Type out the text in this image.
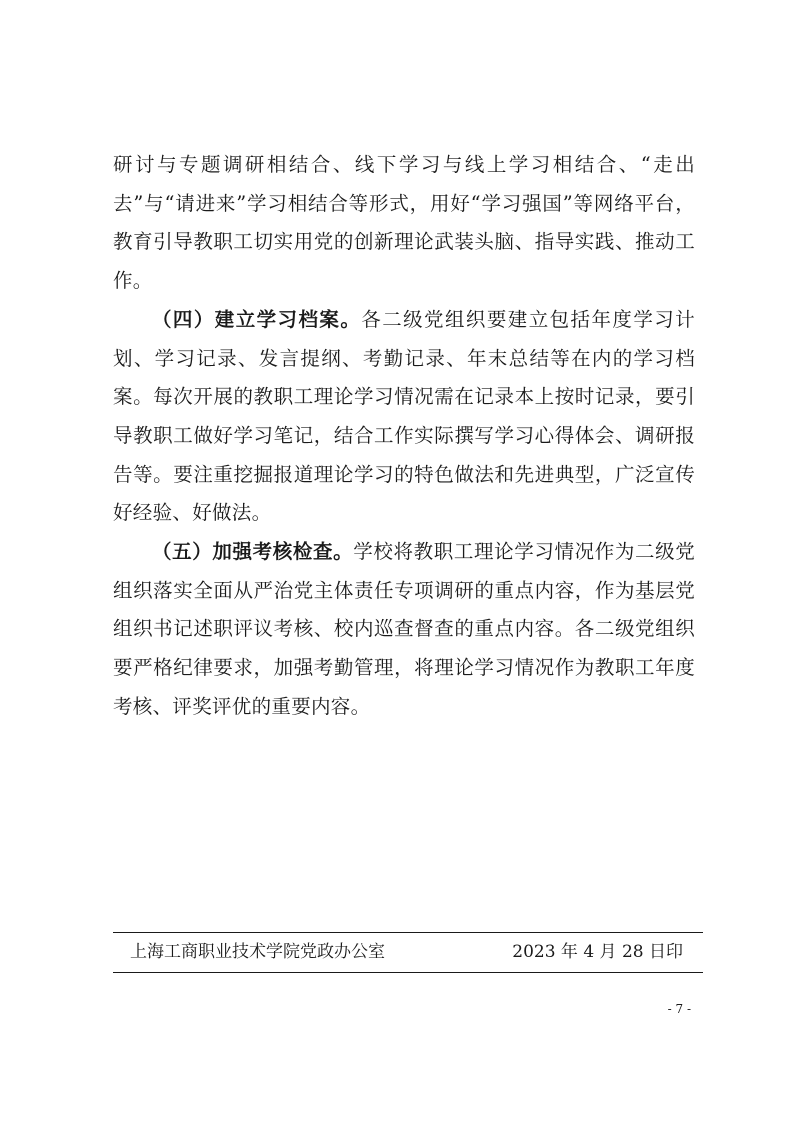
研讨与专题调研相结合、线下学习与线上学习相结合、“走出去”与“请进来”学习相结合等形式，用好“学习强国”等网络平台，教育引导教职工切实用党的创新理论武装头脑、指导实践、推动工作。

（四）建立学习档案。各二级党组织要建立包括年度学习计划、学习记录、发言提纲、考勤记录、年末总结等在内的学习档案。每次开展的教职工理论学习情况需在记录本上按时记录，要引导教职工做好学习笔记，结合工作实际撰写学习心得体会、调研报告等。要注重挖掘报道理论学习的特色做法和先进典型，广泛宣传好经验、好做法。

（五）加强考核检查。学校将教职工理论学习情况作为二级党组织落实全面从严治党主体责任专项调研的重点内容，作为基层党组织书记述职评议考核、校内巡查督查的重点内容。各二级党组织要严格纪律要求，加强考勤管理，将理论学习情况作为教职工年度考核、评奖评优的重要内容。

上海工商职业技术学院党政办公室	2023 年 4 月 28 日印
- 7 -
